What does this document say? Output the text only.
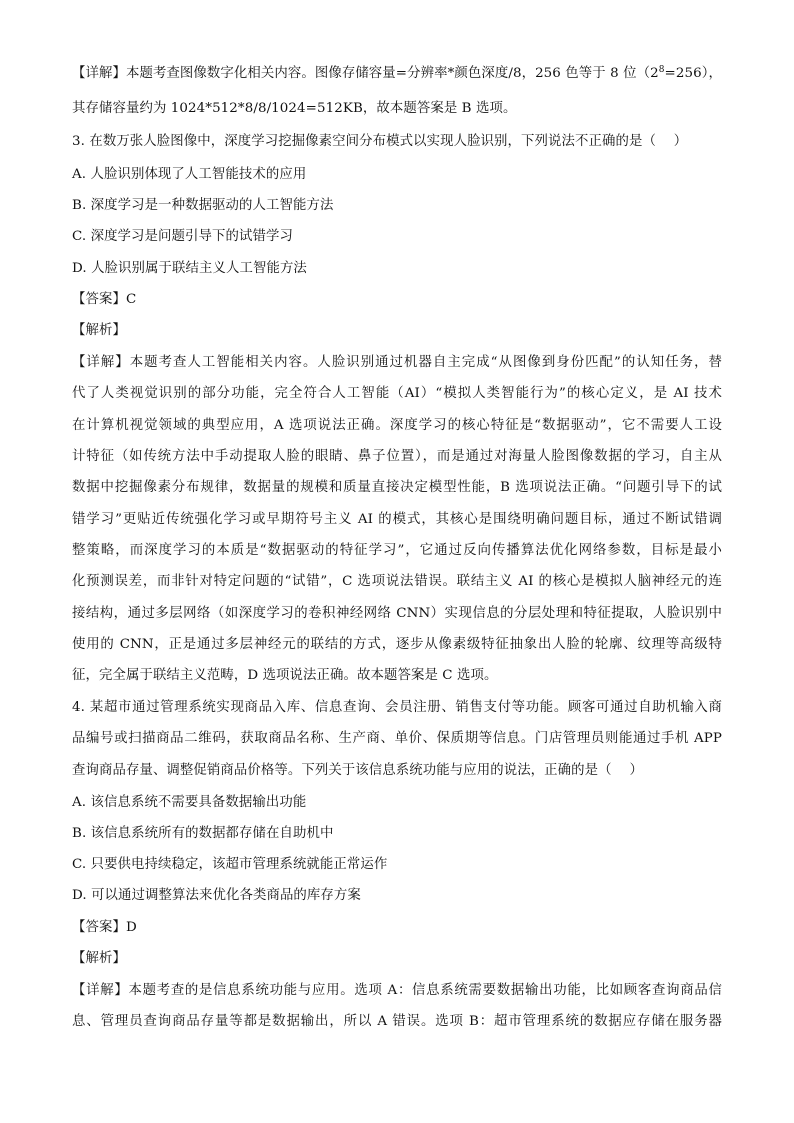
【详解】本题考查图像数字化相关内容。图像存储容量=分辨率*颜色深度/8，256 色等于 8 位$(2^8=256)$，
其存储容量约为 1024*512*8/8/1024=512KB，故本题答案是 B 选项。
3. 在数万张人脸图像中，深度学习挖掘像素空间分布模式以实现人脸识别，下列说法不正确的是（　 ）
A. 人脸识别体现了人工智能技术的应用
B. 深度学习是一种数据驱动的人工智能方法
C. 深度学习是问题引导下的试错学习
D. 人脸识别属于联结主义人工智能方法
【答案】C
【解析】
【详解】本题考查人工智能相关内容。人脸识别通过机器自主完成“从图像到身份匹配”的认知任务，替
代了人类视觉识别的部分功能，完全符合人工智能（AI）“模拟人类智能行为”的核心定义，是 AI 技术
在计算机视觉领域的典型应用，A 选项说法正确。深度学习的核心特征是“数据驱动”，它不需要人工设
计特征（如传统方法中手动提取人脸的眼睛、鼻子位置），而是通过对海量人脸图像数据的学习，自主从
数据中挖掘像素分布规律，数据量的规模和质量直接决定模型性能，B 选项说法正确。“问题引导下的试
错学习”更贴近传统强化学习或早期符号主义 AI 的模式，其核心是围绕明确问题目标，通过不断试错调
整策略，而深度学习的本质是“数据驱动的特征学习”，它通过反向传播算法优化网络参数，目标是最小
化预测误差，而非针对特定问题的“试错”，C 选项说法错误。联结主义 AI 的核心是模拟人脑神经元的连
接结构，通过多层网络（如深度学习的卷积神经网络 CNN）实现信息的分层处理和特征提取，人脸识别中
使用的 CNN，正是通过多层神经元的联结的方式，逐步从像素级特征抽象出人脸的轮廓、纹理等高级特
征，完全属于联结主义范畴，D 选项说法正确。故本题答案是 C 选项。
4. 某超市通过管理系统实现商品入库、信息查询、会员注册、销售支付等功能。顾客可通过自助机输入商
品编号或扫描商品二维码，获取商品名称、生产商、单价、保质期等信息。门店管理员则能通过手机 APP
查询商品存量、调整促销商品价格等。下列关于该信息系统功能与应用的说法，正确的是（　 ）
A. 该信息系统不需要具备数据输出功能
B. 该信息系统所有的数据都存储在自助机中
C. 只要供电持续稳定，该超市管理系统就能正常运作
D. 可以通过调整算法来优化各类商品的库存方案
【答案】D
【解析】
【详解】本题考查的是信息系统功能与应用。选项 A：信息系统需要数据输出功能，比如顾客查询商品信
息、管理员查询商品存量等都是数据输出，所以 A 错误。选项 B：超市管理系统的数据应存储在服务器
